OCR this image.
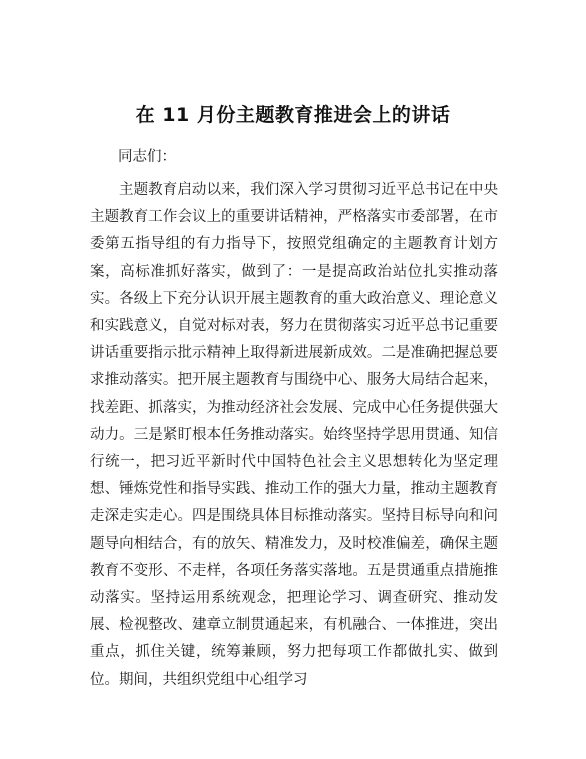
在 11 月份主题教育推进会上的讲话
同志们：

主题教育启动以来，我们深入学习贯彻习近平总书记在中央主题教育工作会议上的重要讲话精神，严格落实市委部署，在市委第五指导组的有力指导下，按照党组确定的主题教育计划方案，高标准抓好落实，做到了：一是提高政治站位扎实推动落实。各级上下充分认识开展主题教育的重大政治意义、理论意义和实践意义，自觉对标对表，努力在贯彻落实习近平总书记重要讲话重要指示批示精神上取得新进展新成效。二是准确把握总要求推动落实。把开展主题教育与围绕中心、服务大局结合起来，找差距、抓落实，为推动经济社会发展、完成中心任务提供强大动力。三是紧盯根本任务推动落实。始终坚持学思用贯通、知信行统一，把习近平新时代中国特色社会主义思想转化为坚定理想、锤炼党性和指导实践、推动工作的强大力量，推动主题教育走深走实走心。四是围绕具体目标推动落实。坚持目标导向和问题导向相结合，有的放矢、精准发力，及时校准偏差，确保主题教育不变形、不走样，各项任务落实落地。五是贯通重点措施推动落实。坚持运用系统观念，把理论学习、调查研究、推动发展、检视整改、建章立制贯通起来，有机融合、一体推进，突出重点，抓住关键，统筹兼顾，努力把每项工作都做扎实、做到位。期间，共组织党组中心组学习
